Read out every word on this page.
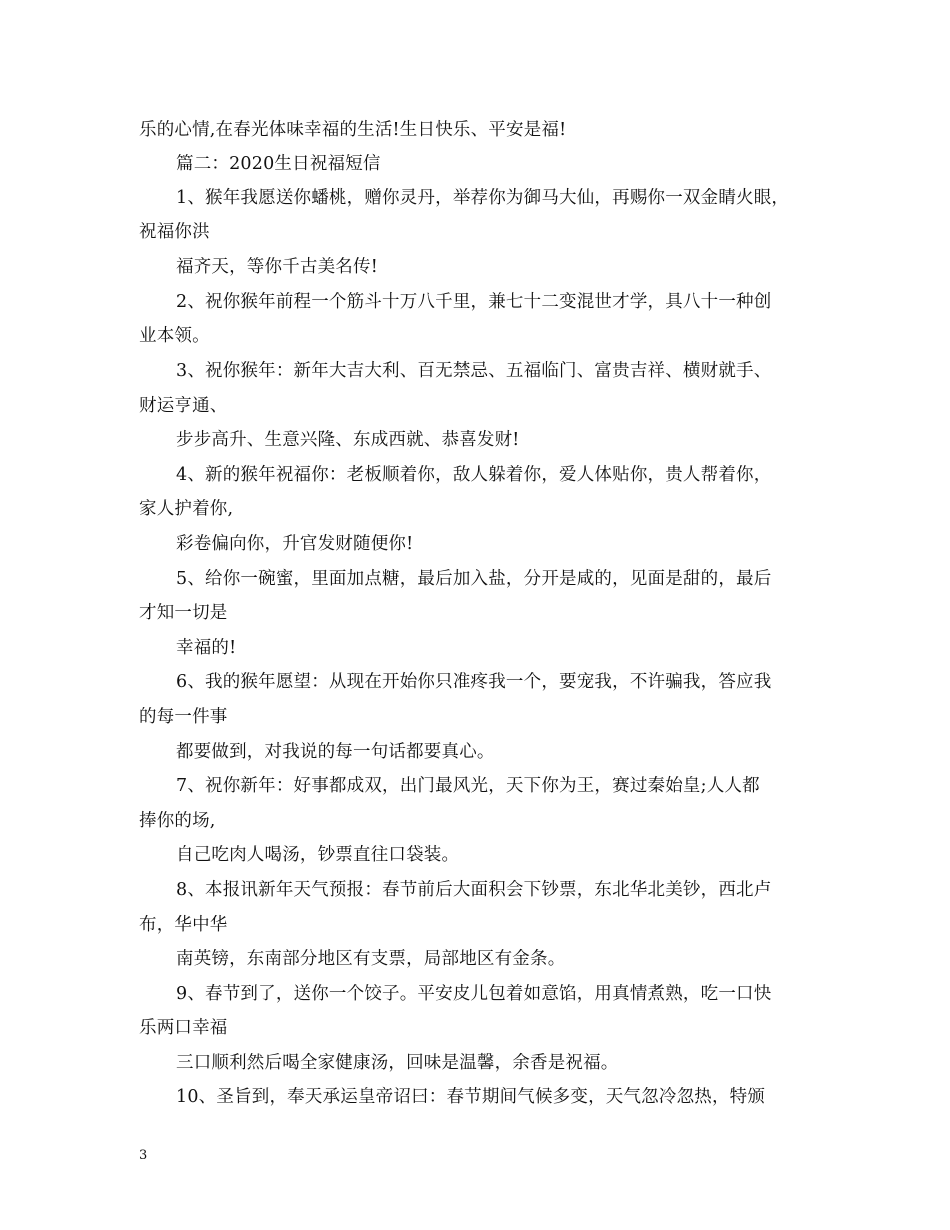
乐的心情,在春光体味幸福的生活!生日快乐、平安是福!
篇二：2020生日祝福短信
1、猴年我愿送你蟠桃，赠你灵丹，举荐你为御马大仙，再赐你一双金睛火眼，
祝福你洪
福齐天，等你千古美名传!
2、祝你猴年前程一个筋斗十万八千里，兼七十二变混世才学，具八十一种创
业本领。
3、祝你猴年：新年大吉大利、百无禁忌、五福临门、富贵吉祥、横财就手、
财运亨通、
步步高升、生意兴隆、东成西就、恭喜发财!
4、新的猴年祝福你：老板顺着你，敌人躲着你，爱人体贴你，贵人帮着你，
家人护着你,
彩卷偏向你，升官发财随便你!
5、给你一碗蜜，里面加点糖，最后加入盐，分开是咸的，见面是甜的，最后
才知一切是
幸福的!
6、我的猴年愿望：从现在开始你只准疼我一个，要宠我，不许骗我，答应我
的每一件事
都要做到，对我说的每一句话都要真心。
7、祝你新年：好事都成双，出门最风光，天下你为王，赛过秦始皇;人人都
捧你的场,
自己吃肉人喝汤，钞票直往口袋装。
8、本报讯新年天气预报：春节前后大面积会下钞票，东北华北美钞，西北卢
布，华中华
南英镑，东南部分地区有支票，局部地区有金条。
9、春节到了，送你一个饺子。平安皮儿包着如意馅，用真情煮熟，吃一口快
乐两口幸福
三口顺利然后喝全家健康汤，回味是温馨，余香是祝福。
10、圣旨到，奉天承运皇帝诏曰：春节期间气候多变，天气忽冷忽热，特颁
3
